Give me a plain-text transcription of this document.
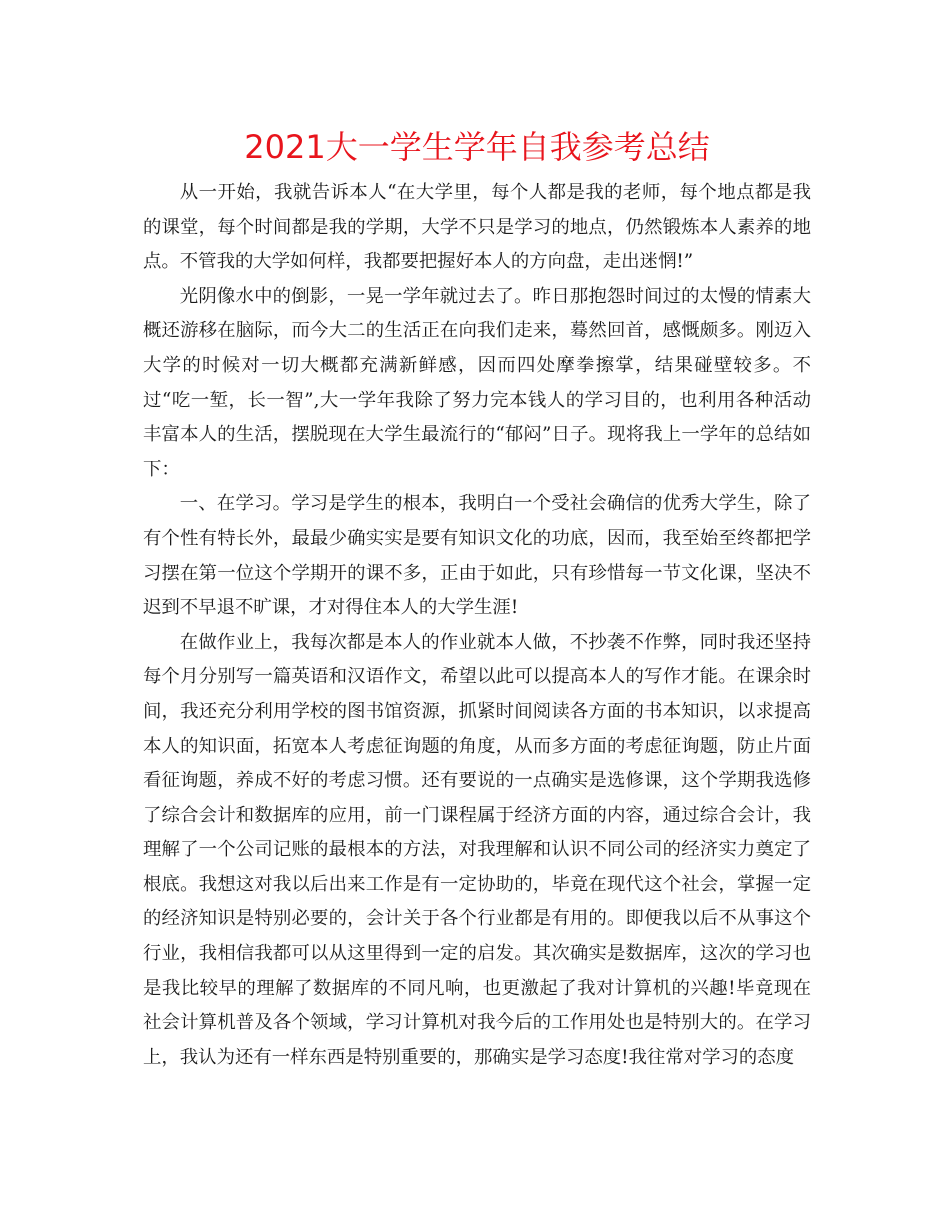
2021大一学生学年自我参考总结

从一开始，我就告诉本人“在大学里，每个人都是我的老师，每个地点都是我的课堂，每个时间都是我的学期，大学不只是学习的地点，仍然锻炼本人素养的地点。不管我的大学如何样，我都要把握好本人的方向盘，走出迷惘!”

光阴像水中的倒影，一晃一学年就过去了。昨日那抱怨时间过的太慢的情素大概还游移在脑际，而今大二的生活正在向我们走来，蓦然回首，感慨颇多。刚迈入大学的时候对一切大概都充满新鲜感，因而四处摩拳擦掌，结果碰壁较多。不过“吃一堑，长一智”,大一学年我除了努力完本钱人的学习目的，也利用各种活动丰富本人的生活，摆脱现在大学生最流行的“郁闷”日子。现将我上一学年的总结如下：

一、在学习。学习是学生的根本，我明白一个受社会确信的优秀大学生，除了有个性有特长外，最最少确实实是要有知识文化的功底，因而，我至始至终都把学习摆在第一位这个学期开的课不多，正由于如此，只有珍惜每一节文化课，坚决不迟到不早退不旷课，才对得住本人的大学生涯!

在做作业上，我每次都是本人的作业就本人做，不抄袭不作弊，同时我还坚持每个月分别写一篇英语和汉语作文，希望以此可以提高本人的写作才能。在课余时间，我还充分利用学校的图书馆资源，抓紧时间阅读各方面的书本知识，以求提高本人的知识面，拓宽本人考虑征询题的角度，从而多方面的考虑征询题，防止片面看征询题，养成不好的考虑习惯。还有要说的一点确实是选修课，这个学期我选修了综合会计和数据库的应用，前一门课程属于经济方面的内容，通过综合会计，我理解了一个公司记账的最根本的方法，对我理解和认识不同公司的经济实力奠定了根底。我想这对我以后出来工作是有一定协助的，毕竟在现代这个社会，掌握一定的经济知识是特别必要的，会计关于各个行业都是有用的。即便我以后不从事这个行业，我相信我都可以从这里得到一定的启发。其次确实是数据库，这次的学习也是我比较早的理解了数据库的不同凡响，也更激起了我对计算机的兴趣!毕竟现在社会计算机普及各个领域，学习计算机对我今后的工作用处也是特别大的。在学习上，我认为还有一样东西是特别重要的，那确实是学习态度!我往常对学习的态度
